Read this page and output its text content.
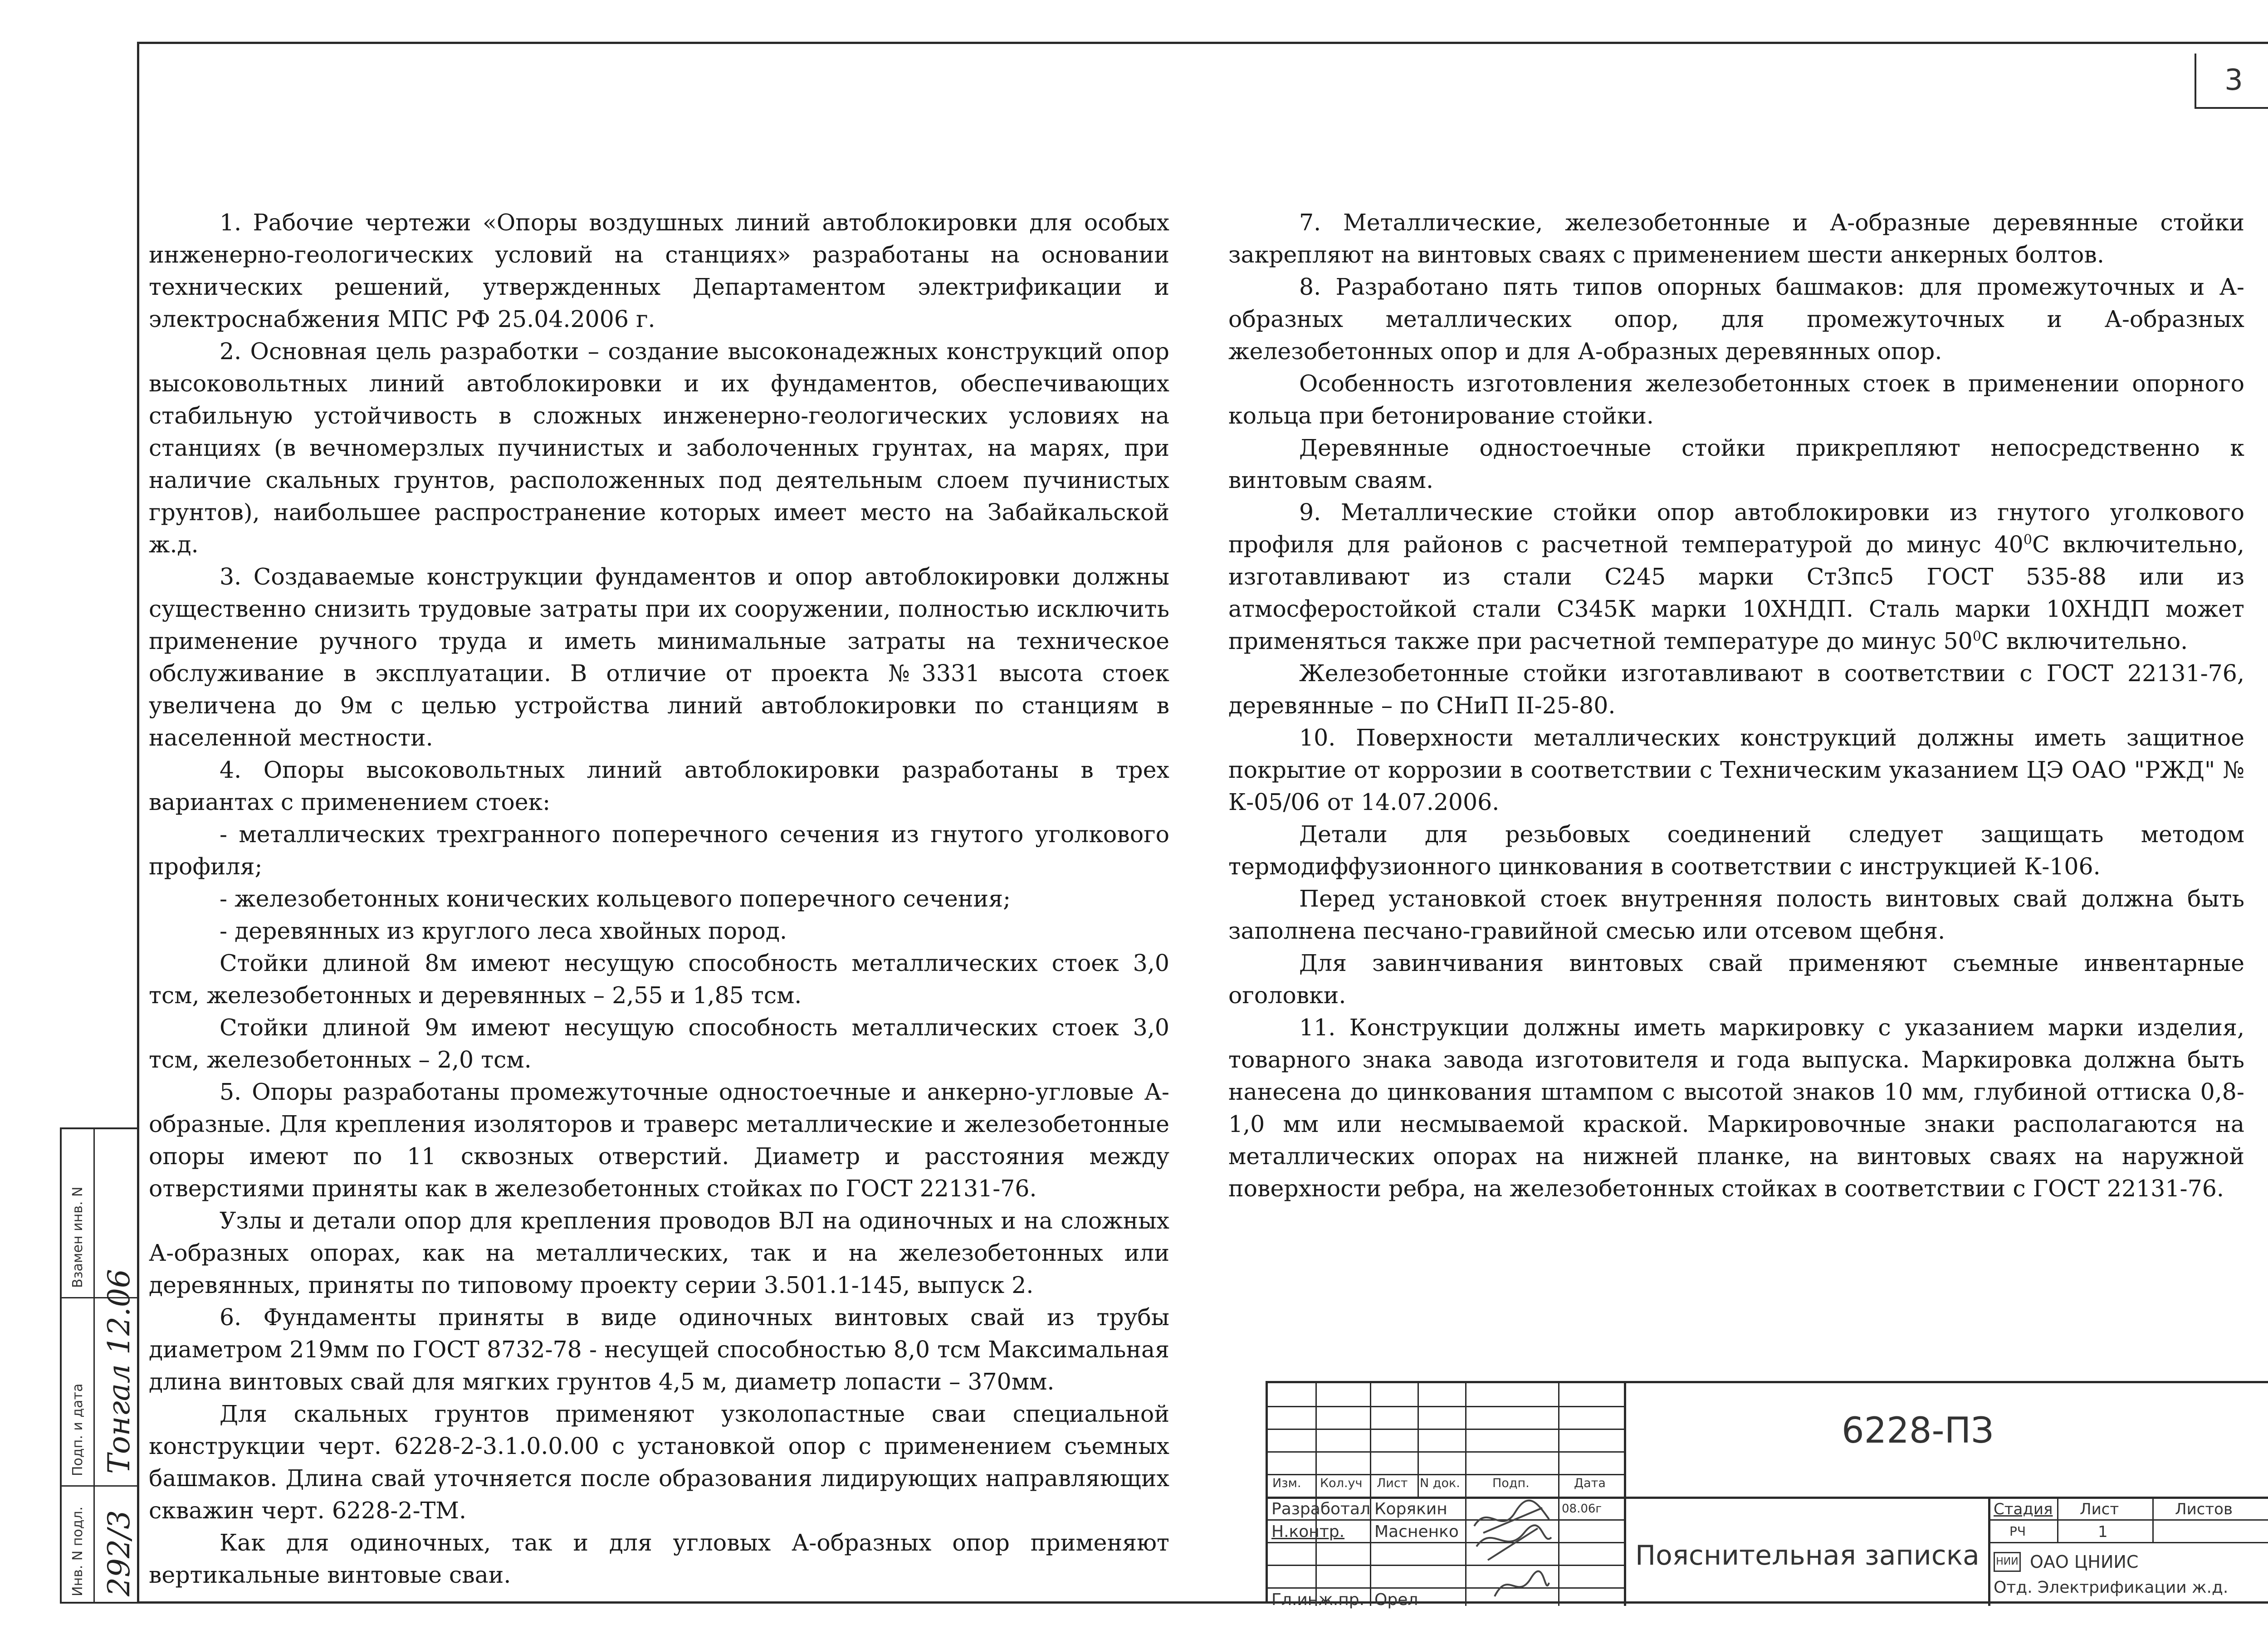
3

1. Рабочие чертежи «Опоры воздушных линий автоблокировки для особых инженерно-геологических условий на станциях» разработаны на основании технических решений, утвержденных Департаментом электрификации и электроснабжения МПС РФ 25.04.2006 г.

2. Основная цель разработки – создание высоконадежных конструкций опор высоковольтных линий автоблокировки и их фундаментов, обеспечивающих стабильную устойчивость в сложных инженерно-геологических условиях на станциях (в вечномерзлых пучинистых и заболоченных грунтах, на марях, при наличие скальных грунтов, расположенных под деятельным слоем пучинистых грунтов), наибольшее распространение которых имеет место на Забайкальской ж.д.

3. Создаваемые конструкции фундаментов и опор автоблокировки должны существенно снизить трудовые затраты при их сооружении, полностью исключить применение ручного труда и иметь минимальные затраты на техническое обслуживание в эксплуатации. В отличие от проекта №3331 высота стоек увеличена до 9м с целью устройства линий автоблокировки по станциям в населенной местности.

4. Опоры высоковольтных линий автоблокировки разработаны в трех вариантах с применением стоек:

- металлических трехгранного поперечного сечения из гнутого уголкового профиля;

- железобетонных конических кольцевого поперечного сечения;

- деревянных из круглого леса хвойных пород.

Стойки длиной 8м имеют несущую способность металлических стоек 3,0 тсм, железобетонных и деревянных – 2,55 и 1,85 тсм.

Стойки длиной 9м имеют несущую способность металлических стоек 3,0 тсм, железобетонных – 2,0 тсм.

5. Опоры разработаны промежуточные одностоечные и анкерно-угловые А-образные. Для крепления изоляторов и траверс металлические и железобетонные опоры имеют по 11 сквозных отверстий. Диаметр и расстояния между отверстиями приняты как в железобетонных стойках по ГОСТ 22131-76.

Узлы и детали опор для крепления проводов ВЛ на одиночных и на сложных А-образных опорах, как на металлических, так и на железобетонных или деревянных, приняты по типовому проекту серии 3.501.1-145, выпуск 2.

6. Фундаменты приняты в виде одиночных винтовых свай из трубы диаметром 219мм по ГОСТ 8732-78 - несущей способностью 8,0 тсм Максимальная длина винтовых свай для мягких грунтов 4,5 м, диаметр лопасти – 370мм.

Для скальных грунтов применяют узколопастные сваи специальной конструкции черт. 6228-2-3.1.0.0.00 с установкой опор с применением съемных башмаков. Длина свай уточняется после образования лидирующих направляющих скважин черт. 6228-2-ТМ.

Как для одиночных, так и для угловых А-образных опор применяют вертикальные винтовые сваи.

7. Металлические, железобетонные и А-образные деревянные стойки закрепляют на винтовых сваях с применением шести анкерных болтов.

8. Разработано пять типов опорных башмаков: для промежуточных и А-образных металлических опор, для промежуточных и А-образных железобетонных опор и для А-образных деревянных опор.

Особенность изготовления железобетонных стоек в применении опорного кольца при бетонирование стойки.

Деревянные одностоечные стойки прикрепляют непосредственно к винтовым сваям.

9. Металлические стойки опор автоблокировки из гнутого уголкового профиля для районов с расчетной температурой до минус $40^0С$ включительно, изготавливают из стали С245 марки Ст3пс5 ГОСТ 535-88 или из атмосферостойкой стали С345К марки 10ХНДП. Сталь марки 10ХНДП может применяться также при расчетной температуре до минус $50^0С$ включительно.

Железобетонные стойки изготавливают в соответствии с ГОСТ 22131-76, деревянные – по СНиП II-25-80.

10. Поверхности металлических конструкций должны иметь защитное покрытие от коррозии в соответствии с Техническим указанием ЦЭ ОАО "РЖД" № К-05/06 от 14.07.2006.

Детали для резьбовых соединений следует защищать методом термодиффузионного цинкования в соответствии с инструкцией К-106.

Перед установкой стоек внутренняя полость винтовых свай должна быть заполнена песчано-гравийной смесью или отсевом щебня.

Для завинчивания винтовых свай применяют съемные инвентарные оголовки.

11. Конструкции должны иметь маркировку с указанием марки изделия, товарного знака завода изготовителя и года выпуска. Маркировка должна быть нанесена до цинкования штампом с высотой знаков 10 мм, глубиной оттиска 0,8-1,0 мм или несмываемой краской. Маркировочные знаки располагаются на металлических опорах на нижней планке, на винтовых сваях на наружной поверхности ребра, на железобетонных стойках в соответствии с ГОСТ 22131-76.

Взамен инв. N
Подп. и дата
Инв. N подл.
Тонгал 12.06
292/3
Изм. Кол.уч Лист N док.	Подп.	Дата
Разработал Корякин	08.06г
Н.контр. Масненко
Гл.инж.пр. Орел
6228-ПЗ
Пояснительная записка
Стадия Лист	Листов
РЧ	1
НИИ ОАО ЦНИИС
Отд. Электрификации ж.д.
